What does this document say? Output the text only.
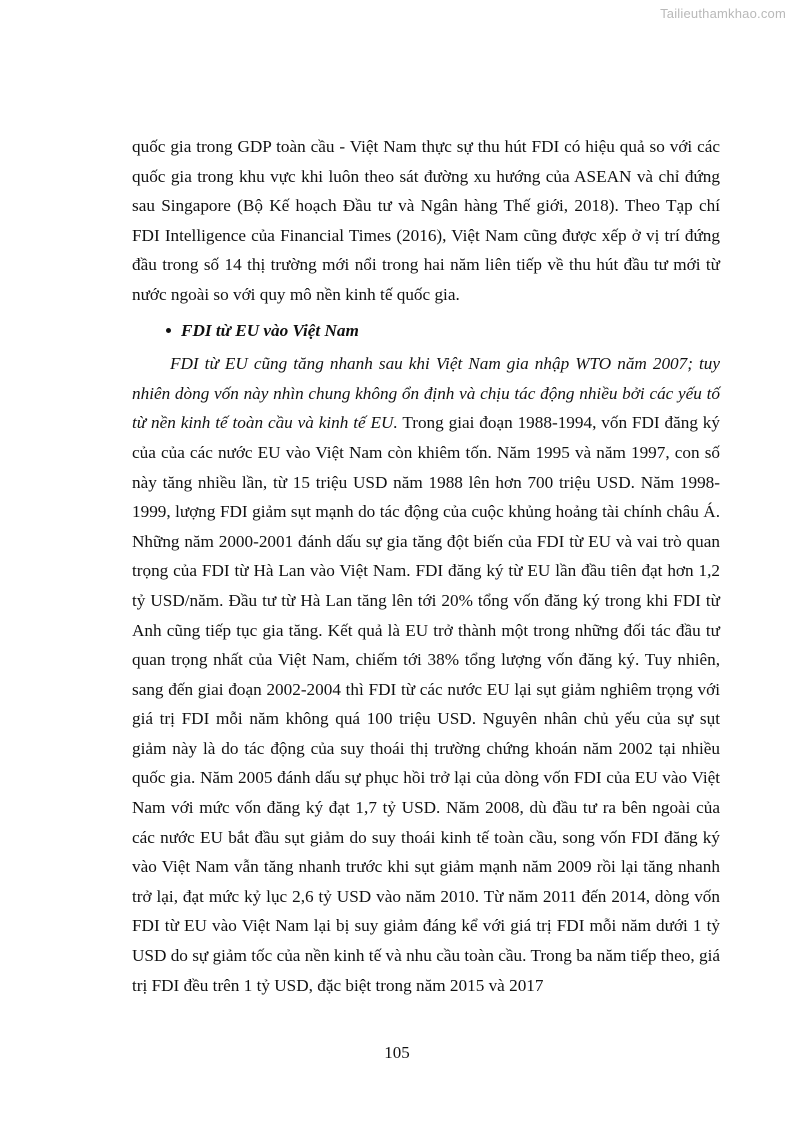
Tailieuthamkhao.com

quốc gia trong GDP toàn cầu - Việt Nam thực sự thu hút FDI có hiệu quả so với các quốc gia trong khu vực khi luôn theo sát đường xu hướng của ASEAN và chỉ đứng sau Singapore (Bộ Kế hoạch Đầu tư và Ngân hàng Thế giới, 2018). Theo Tạp chí FDI Intelligence của Financial Times (2016), Việt Nam cũng được xếp ở vị trí đứng đầu trong số 14 thị trường mới nổi trong hai năm liên tiếp về thu hút đầu tư mới từ nước ngoài so với quy mô nền kinh tế quốc gia.

FDI từ EU vào Việt Nam

FDI từ EU cũng tăng nhanh sau khi Việt Nam gia nhập WTO năm 2007; tuy nhiên dòng vốn này nhìn chung không ổn định và chịu tác động nhiều bởi các yếu tố từ nền kinh tế toàn cầu và kinh tế EU. Trong giai đoạn 1988-1994, vốn FDI đăng ký của của các nước EU vào Việt Nam còn khiêm tốn. Năm 1995 và năm 1997, con số này tăng nhiều lần, từ 15 triệu USD năm 1988 lên hơn 700 triệu USD. Năm 1998-1999, lượng FDI giảm sụt mạnh do tác động của cuộc khủng hoảng tài chính châu Á. Những năm 2000-2001 đánh dấu sự gia tăng đột biến của FDI từ EU và vai trò quan trọng của FDI từ Hà Lan vào Việt Nam. FDI đăng ký từ EU lần đầu tiên đạt hơn 1,2 tỷ USD/năm. Đầu tư từ Hà Lan tăng lên tới 20% tổng vốn đăng ký trong khi FDI từ Anh cũng tiếp tục gia tăng. Kết quả là EU trở thành một trong những đối tác đầu tư quan trọng nhất của Việt Nam, chiếm tới 38% tổng lượng vốn đăng ký. Tuy nhiên, sang đến giai đoạn 2002-2004 thì FDI từ các nước EU lại sụt giảm nghiêm trọng với giá trị FDI mỗi năm không quá 100 triệu USD. Nguyên nhân chủ yếu của sự sụt giảm này là do tác động của suy thoái thị trường chứng khoán năm 2002 tại nhiều quốc gia. Năm 2005 đánh dấu sự phục hồi trở lại của dòng vốn FDI của EU vào Việt Nam với mức vốn đăng ký đạt 1,7 tỷ USD. Năm 2008, dù đầu tư ra bên ngoài của các nước EU bắt đầu sụt giảm do suy thoái kinh tế toàn cầu, song vốn FDI đăng ký vào Việt Nam vẫn tăng nhanh trước khi sụt giảm mạnh năm 2009 rồi lại tăng nhanh trở lại, đạt mức kỷ lục 2,6 tỷ USD vào năm 2010. Từ năm 2011 đến 2014, dòng vốn FDI từ EU vào Việt Nam lại bị suy giảm đáng kể với giá trị FDI mỗi năm dưới 1 tỷ USD do sự giảm tốc của nền kinh tế và nhu cầu toàn cầu. Trong ba năm tiếp theo, giá trị FDI đều trên 1 tỷ USD, đặc biệt trong năm 2015 và 2017

105
